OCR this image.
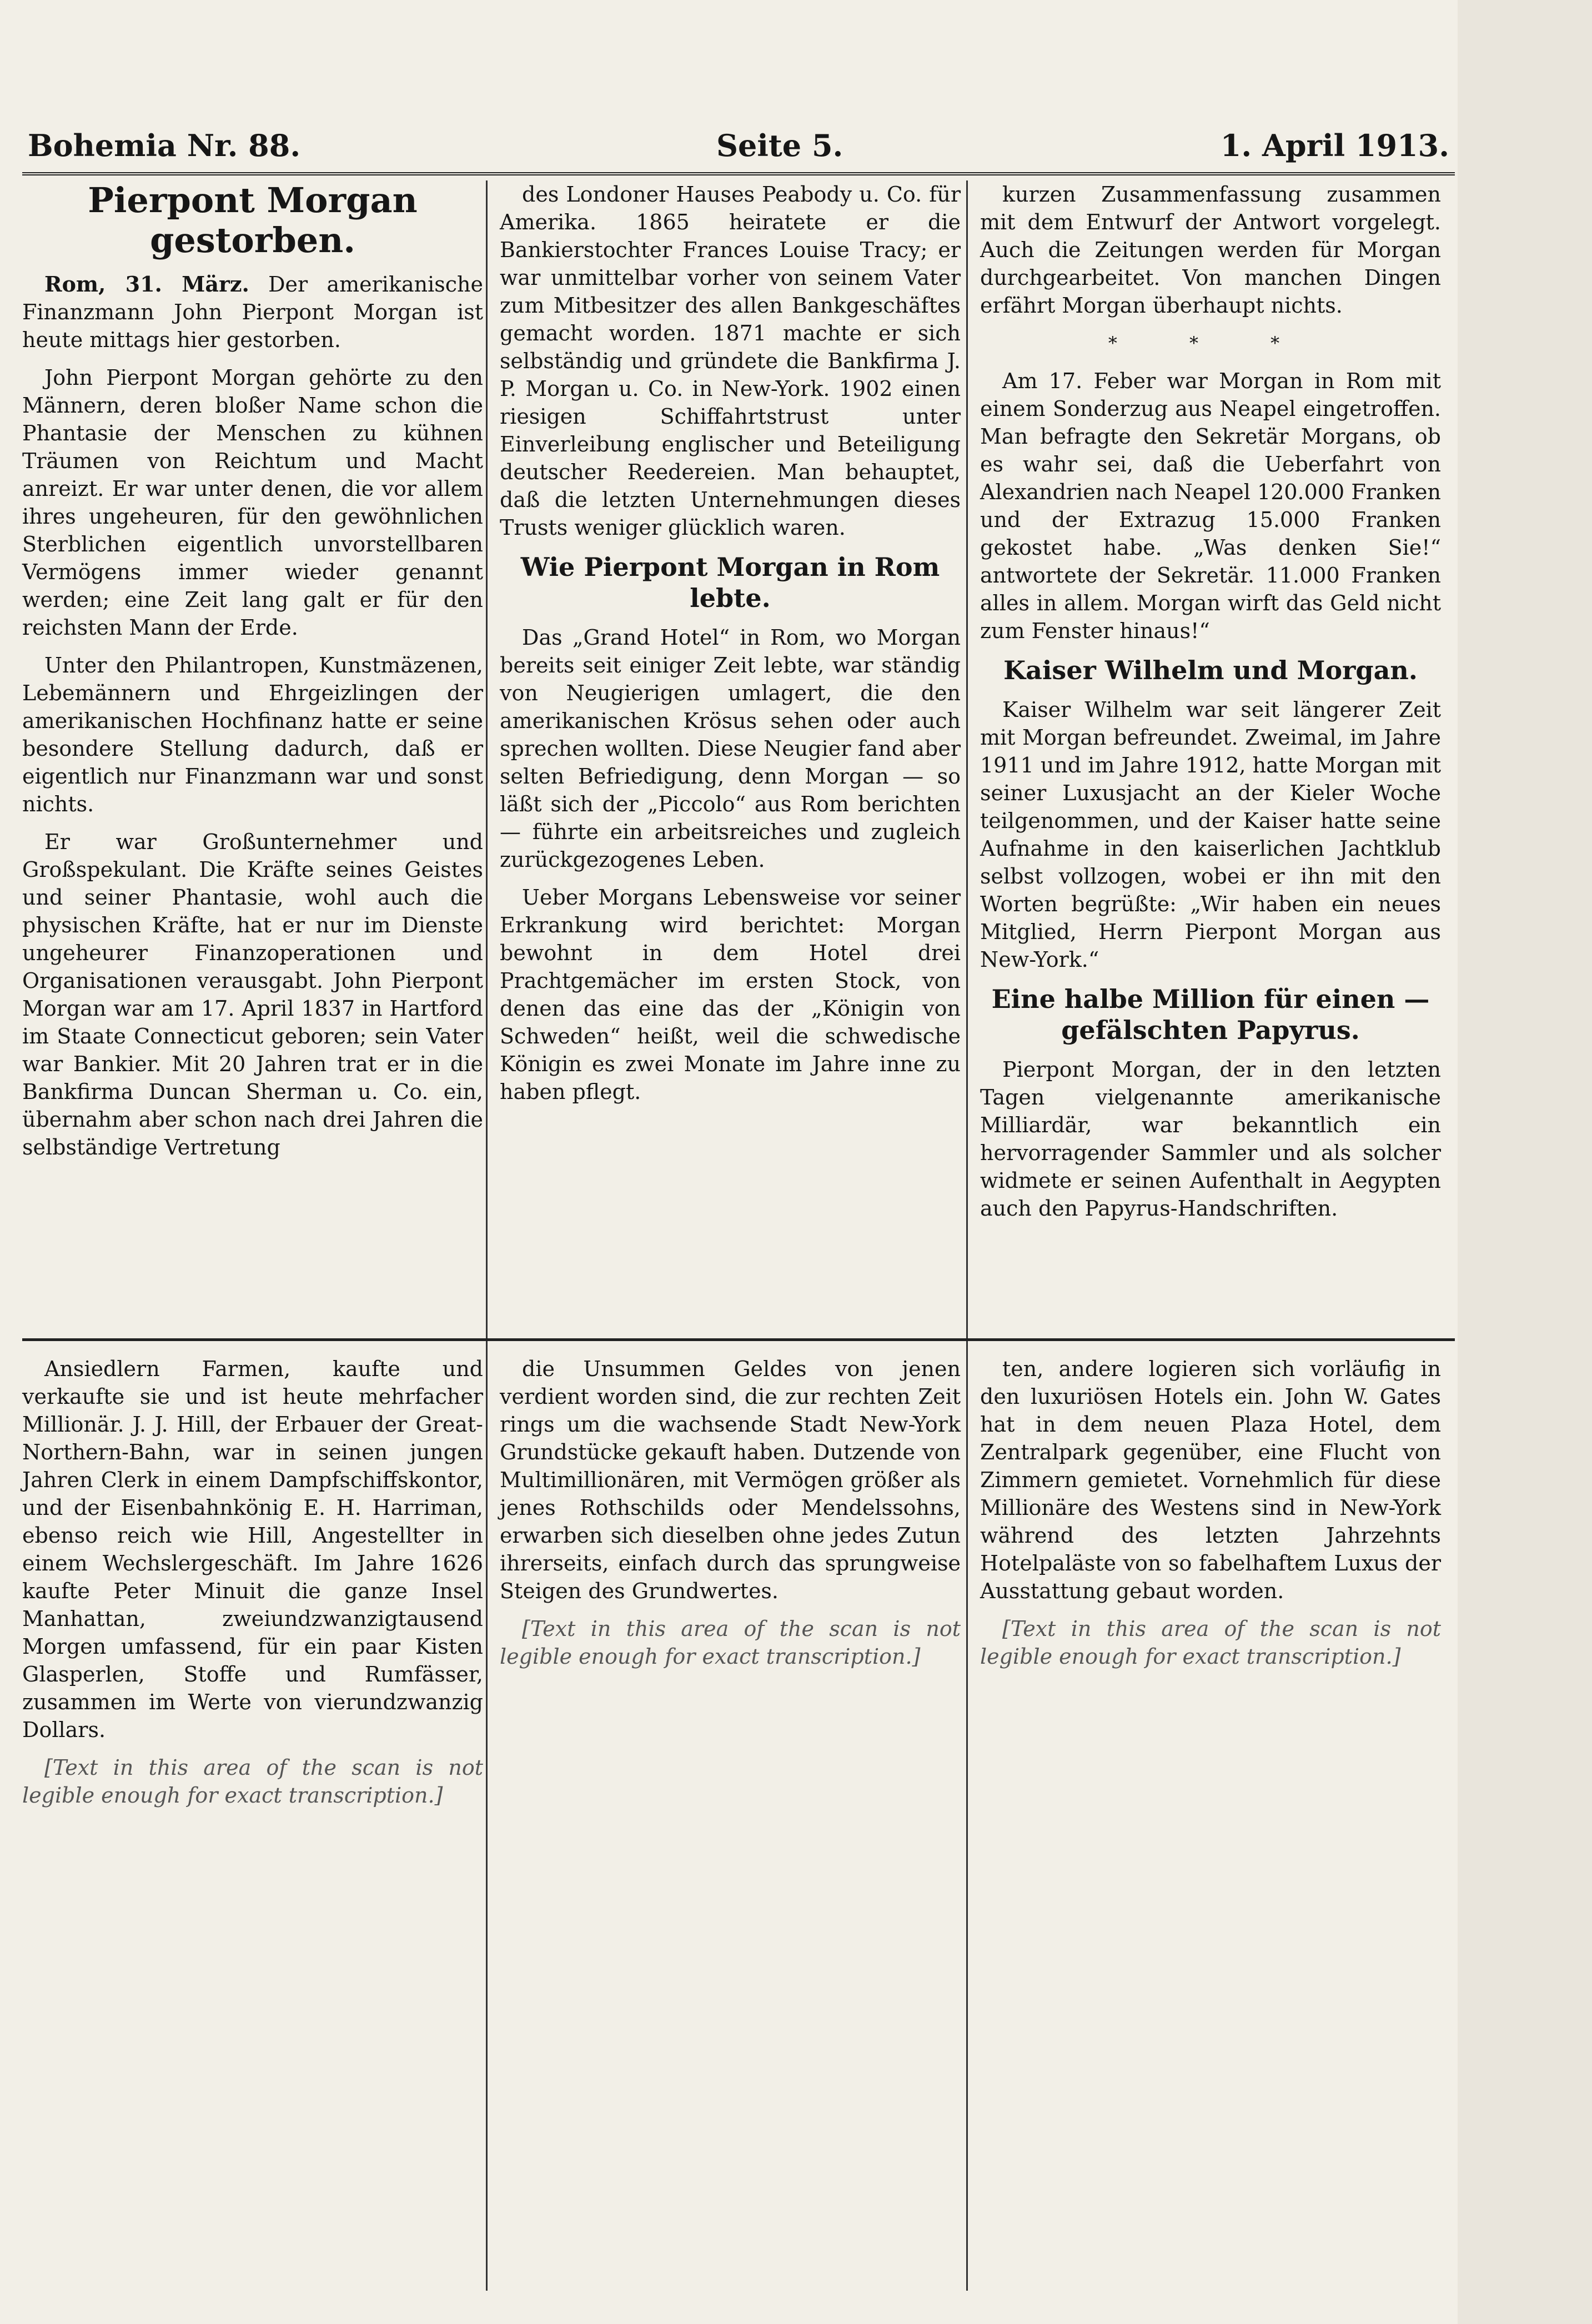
Bohemia Nr. 88.	Seite 5.	1. April 1913.

Pierpont Morgan gestorben.

Rom, 31. März. Der amerikanische Finanzmann John Pierpont Morgan ist heute mittags hier gestorben.

John Pierpont Morgan gehörte zu den Männern, deren bloßer Name schon die Phantasie der Menschen zu kühnen Träumen von Reichtum und Macht anreizt. Er war unter denen, die vor allem ihres ungeheuren, für den gewöhnlichen Sterblichen eigentlich unvorstellbaren Vermögens immer wieder genannt werden; eine Zeit lang galt er für den reichsten Mann der Erde.

Unter den Philantropen, Kunstmäzenen, Lebemännern und Ehrgeizlingen der amerikanischen Hochfinanz hatte er seine besondere Stellung dadurch, daß er eigentlich nur Finanzmann war und sonst nichts.

Er war Großunternehmer und Großspekulant. Die Kräfte seines Geistes und seiner Phantasie, wohl auch die physischen Kräfte, hat er nur im Dienste ungeheurer Finanzoperationen und Organisationen verausgabt. John Pierpont Morgan war am 17. April 1837 in Hartford im Staate Connecticut geboren; sein Vater war Bankier. Mit 20 Jahren trat er in die Bankfirma Duncan Sherman u. Co. ein, übernahm aber schon nach drei Jahren die selbständige Vertretung

des Londoner Hauses Peabody u. Co. für Amerika. 1865 heiratete er die Bankierstochter Frances Louise Tracy; er war unmittelbar vorher von seinem Vater zum Mitbesitzer des allen Bankgeschäftes gemacht worden. 1871 machte er sich selbständig und gründete die Bankfirma J. P. Morgan u. Co. in New-York. 1902 einen riesigen Schiffahrtstrust unter Einverleibung englischer und Beteiligung deutscher Reedereien. Man behauptet, daß die letzten Unternehmungen dieses Trusts weniger glücklich waren.

Wie Pierpont Morgan in Rom lebte.

Das „Grand Hotel“ in Rom, wo Morgan bereits seit einiger Zeit lebte, war ständig von Neugierigen umlagert, die den amerikanischen Krösus sehen oder auch sprechen wollten. Diese Neugier fand aber selten Befriedigung, denn Morgan — so läßt sich der „Piccolo“ aus Rom berichten — führte ein arbeitsreiches und zugleich zurückgezogenes Leben.

Ueber Morgans Lebensweise vor seiner Erkrankung wird berichtet: Morgan bewohnt in dem Hotel drei Prachtgemächer im ersten Stock, von denen das eine das der „Königin von Schweden“ heißt, weil die schwedische Königin es zwei Monate im Jahre inne zu haben pflegt.

kurzen Zusammenfassung zusammen mit dem Entwurf der Antwort vorgelegt. Auch die Zeitungen werden für Morgan durchgearbeitet. Von manchen Dingen erfährt Morgan überhaupt nichts.

* * *

Am 17. Feber war Morgan in Rom mit einem Sonderzug aus Neapel eingetroffen. Man befragte den Sekretär Morgans, ob es wahr sei, daß die Ueberfahrt von Alexandrien nach Neapel 120.000 Franken und der Extrazug 15.000 Franken gekostet habe. „Was denken Sie!“ antwortete der Sekretär. 11.000 Franken alles in allem. Morgan wirft das Geld nicht zum Fenster hinaus!“

Kaiser Wilhelm und Morgan.

Kaiser Wilhelm war seit längerer Zeit mit Morgan befreundet. Zweimal, im Jahre 1911 und im Jahre 1912, hatte Morgan mit seiner Luxusjacht an der Kieler Woche teilgenommen, und der Kaiser hatte seine Aufnahme in den kaiserlichen Jachtklub selbst vollzogen, wobei er ihn mit den Worten begrüßte: „Wir haben ein neues Mitglied, Herrn Pierpont Morgan aus New-York.“

Eine halbe Million für einen — gefälschten Papyrus.

Pierpont Morgan, der in den letzten Tagen vielgenannte amerikanische Milliardär, war bekanntlich ein hervorragender Sammler und als solcher widmete er seinen Aufenthalt in Aegypten auch den Papyrus-Handschriften.

Ansiedlern Farmen, kaufte und verkaufte sie und ist heute mehrfacher Millionär. J. J. Hill, der Erbauer der Great-Northern-Bahn, war in seinen jungen Jahren Clerk in einem Dampfschiffskontor, und der Eisenbahnkönig E. H. Harriman, ebenso reich wie Hill, Angestellter in einem Wechslergeschäft. Im Jahre 1626 kaufte Peter Minuit die ganze Insel Manhattan, zweiundzwanzigtausend Morgen umfassend, für ein paar Kisten Glasperlen, Stoffe und Rumfässer, zusammen im Werte von vierundzwanzig Dollars.

[Text in this area of the scan is not legible enough for exact transcription.]

die Unsummen Geldes von jenen verdient worden sind, die zur rechten Zeit rings um die wachsende Stadt New-York Grundstücke gekauft haben. Dutzende von Multimillionären, mit Vermögen größer als jenes Rothschilds oder Mendelssohns, erwarben sich dieselben ohne jedes Zutun ihrerseits, einfach durch das sprungweise Steigen des Grundwertes.

[Text in this area of the scan is not legible enough for exact transcription.]

ten, andere logieren sich vorläufig in den luxuriösen Hotels ein. John W. Gates hat in dem neuen Plaza Hotel, dem Zentralpark gegenüber, eine Flucht von Zimmern gemietet. Vornehmlich für diese Millionäre des Westens sind in New-York während des letzten Jahrzehnts Hotelpaläste von so fabelhaftem Luxus der Ausstattung gebaut worden.

[Text in this area of the scan is not legible enough for exact transcription.]
